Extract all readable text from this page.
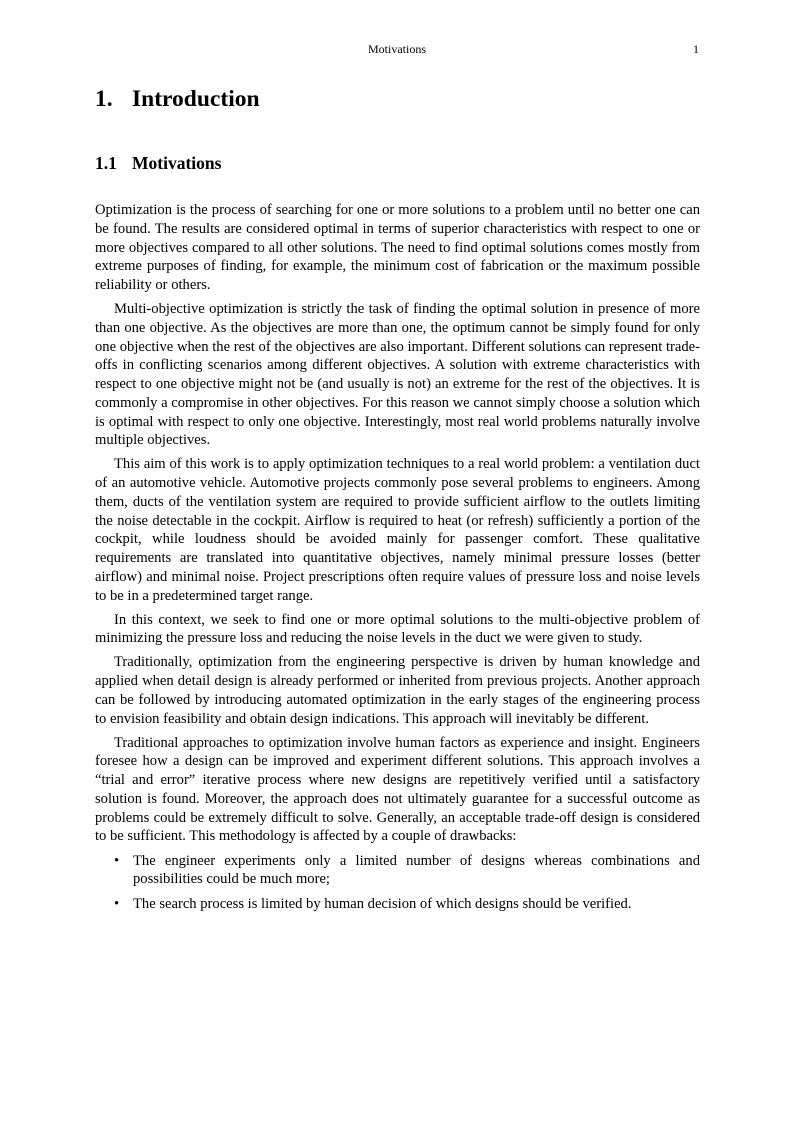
Motivations	1
1. Introduction
1.1 Motivations

Optimization is the process of searching for one or more solutions to a problem until no better one can be found. The results are considered optimal in terms of superior characteristics with respect to one or more objectives compared to all other solutions. The need to find optimal solutions comes mostly from extreme purposes of finding, for example, the minimum cost of fabrication or the maximum possible reliability or others.

Multi-objective optimization is strictly the task of finding the optimal solution in presence of more than one objective. As the objectives are more than one, the optimum cannot be simply found for only one objective when the rest of the objectives are also important. Different solutions can represent trade-offs in conflicting scenarios among different objectives. A solution with extreme characteristics with respect to one objective might not be (and usually is not) an extreme for the rest of the objectives. It is commonly a compromise in other objectives. For this reason we cannot simply choose a solution which is optimal with respect to only one objective. Interestingly, most real world problems naturally involve multiple objectives.

This aim of this work is to apply optimization techniques to a real world problem: a ventilation duct of an automotive vehicle. Automotive projects commonly pose several problems to engineers. Among them, ducts of the ventilation system are required to provide sufficient airflow to the outlets limiting the noise detectable in the cockpit. Airflow is required to heat (or refresh) sufficiently a portion of the cockpit, while loudness should be avoided mainly for passenger comfort. These qualitative requirements are translated into quantitative objectives, namely minimal pressure losses (better airflow) and minimal noise. Project prescriptions often require values of pressure loss and noise levels to be in a predetermined target range.

In this context, we seek to find one or more optimal solutions to the multi-objective problem of minimizing the pressure loss and reducing the noise levels in the duct we were given to study.

Traditionally, optimization from the engineering perspective is driven by human knowledge and applied when detail design is already performed or inherited from previous projects. Another approach can be followed by introducing automated optimization in the early stages of the engineering process to envision feasibility and obtain design indications. This approach will inevitably be different.

Traditional approaches to optimization involve human factors as experience and insight. Engineers foresee how a design can be improved and experiment different solutions. This approach involves a “trial and error” iterative process where new designs are repetitively verified until a satisfactory solution is found. Moreover, the approach does not ultimately guarantee for a successful outcome as problems could be extremely difficult to solve. Generally, an acceptable trade-off design is considered to be sufficient. This methodology is affected by a couple of drawbacks:

• The engineer experiments only a limited number of designs whereas combinations and possibilities could be much more;
• The search process is limited by human decision of which designs should be verified.
